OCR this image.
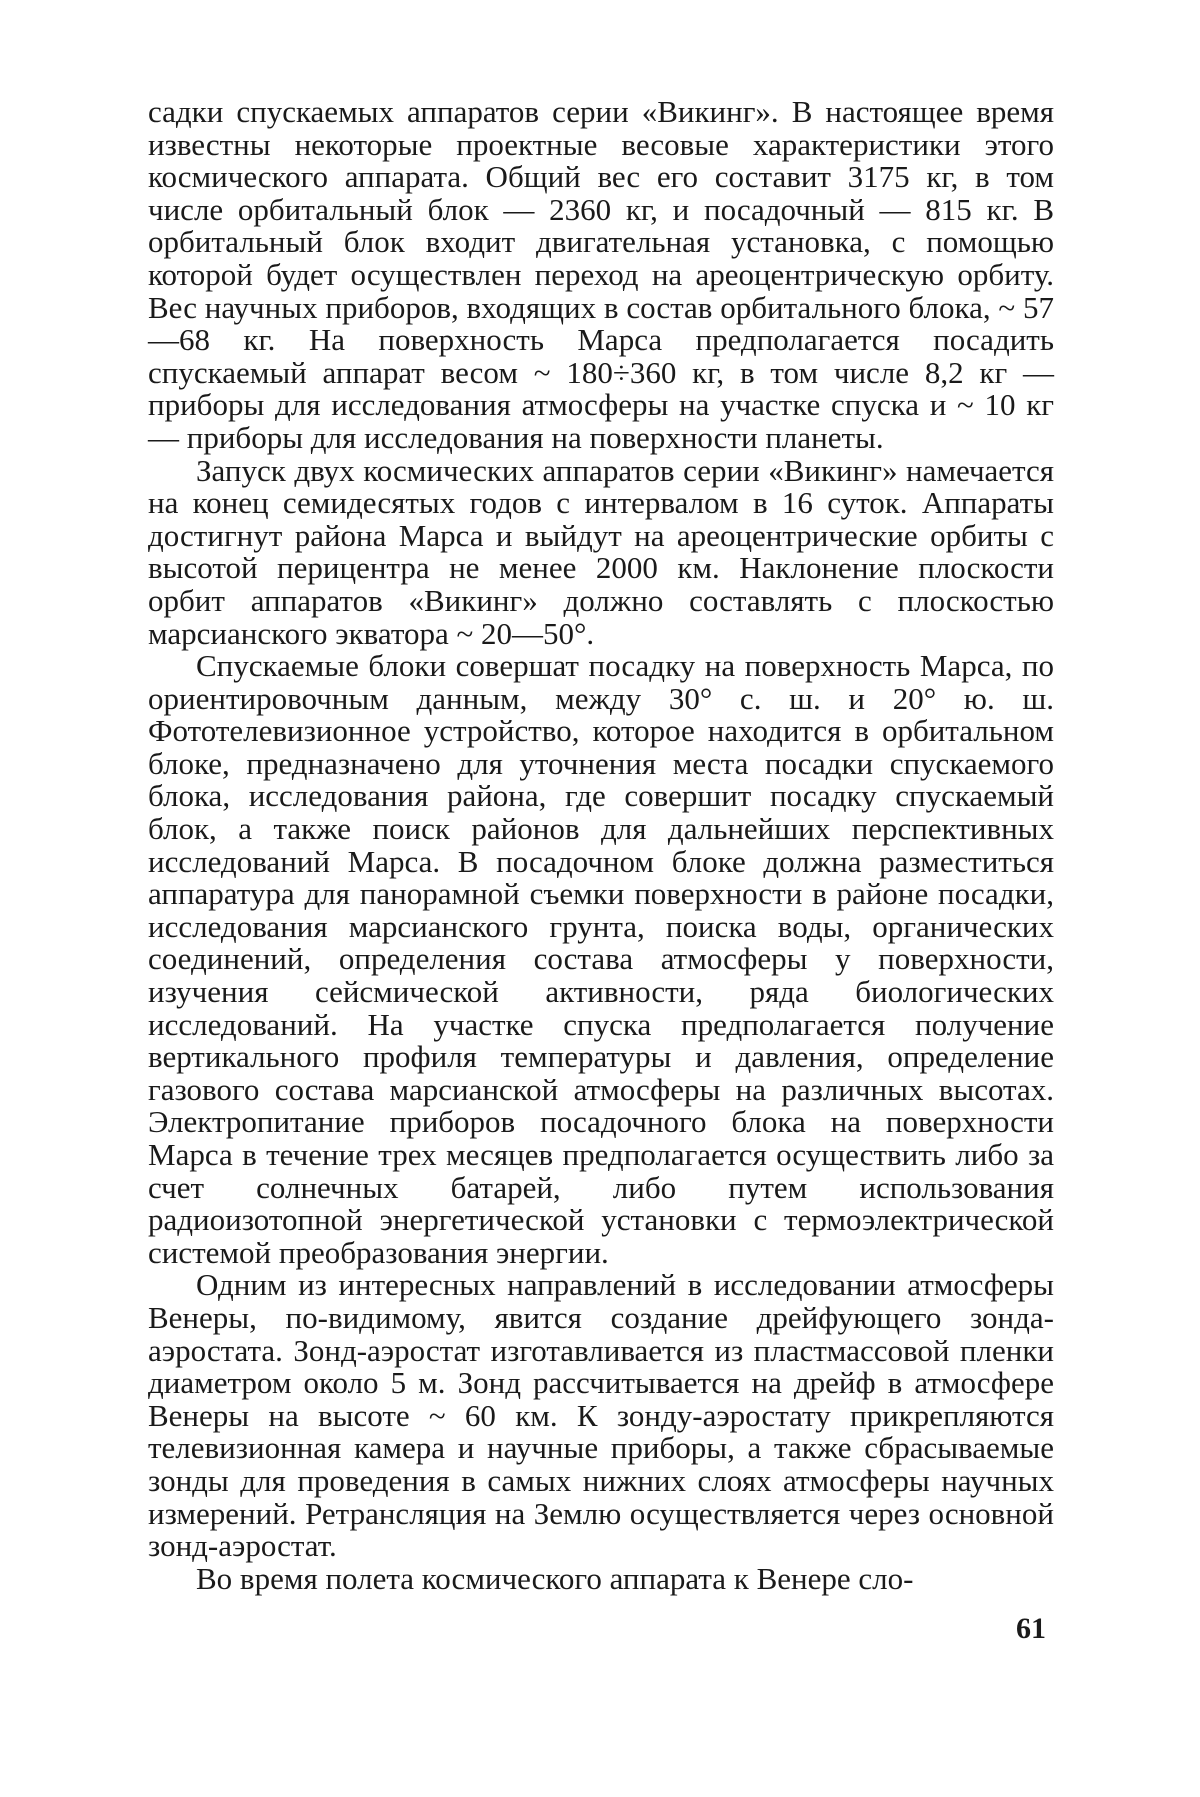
садки спускаемых аппаратов серии «Викинг». В настоящее время известны некоторые проектные весовые характеристики этого космического аппарата. Общий вес его составит 3175 кг, в том числе орбитальный блок — 2360 кг, и посадочный — 815 кг. В орбитальный блок входит двигательная установка, с помощью которой будет осуществлен переход на ареоцентрическую орбиту. Вес научных приборов, входящих в состав орбитального блока, ~ 57—68 кг. На поверхность Марса предполагается посадить спускаемый аппарат весом ~ 180÷360 кг, в том числе 8,2 кг — приборы для исследования атмосферы на участке спуска и ~ 10 кг — приборы для исследования на поверхности планеты.

Запуск двух космических аппаратов серии «Викинг» намечается на конец семидесятых годов с интервалом в 16 суток. Аппараты достигнут района Марса и выйдут на ареоцентрические орбиты с высотой перицентра не менее 2000 км. Наклонение плоскости орбит аппаратов «Викинг» должно составлять с плоскостью марсианского экватора ~ 20—50°.

Спускаемые блоки совершат посадку на поверхность Марса, по ориентировочным данным, между 30° с. ш. и 20° ю. ш. Фототелевизионное устройство, которое находится в орбитальном блоке, предназначено для уточнения места посадки спускаемого блока, исследования района, где совершит посадку спускаемый блок, а также поиск районов для дальнейших перспективных исследований Марса. В посадочном блоке должна разместиться аппаратура для панорамной съемки поверхности в районе посадки, исследования марсианского грунта, поиска воды, органических соединений, определения состава атмосферы у поверхности, изучения сейсмической активности, ряда биологических исследований. На участке спуска предполагается получение вертикального профиля температуры и давления, определение газового состава марсианской атмосферы на различных высотах. Электропитание приборов посадочного блока на поверхности Марса в течение трех месяцев предполагается осуществить либо за счет солнечных батарей, либо путем использования радиоизотопной энергетической установки с термоэлектрической системой преобразования энергии.

Одним из интересных направлений в исследовании атмосферы Венеры, по-видимому, явится создание дрейфующего зонда-аэростата. Зонд-аэростат изготавливается из пластмассовой пленки диаметром около 5 м. Зонд рассчитывается на дрейф в атмосфере Венеры на высоте ~ 60 км. К зонду-аэростату прикрепляются телевизионная камера и научные приборы, а также сбрасываемые зонды для проведения в самых нижних слоях атмосферы научных измерений. Ретрансляция на Землю осуществляется через основной зонд-аэростат.

Во время полета космического аппарата к Венере сло-

61
